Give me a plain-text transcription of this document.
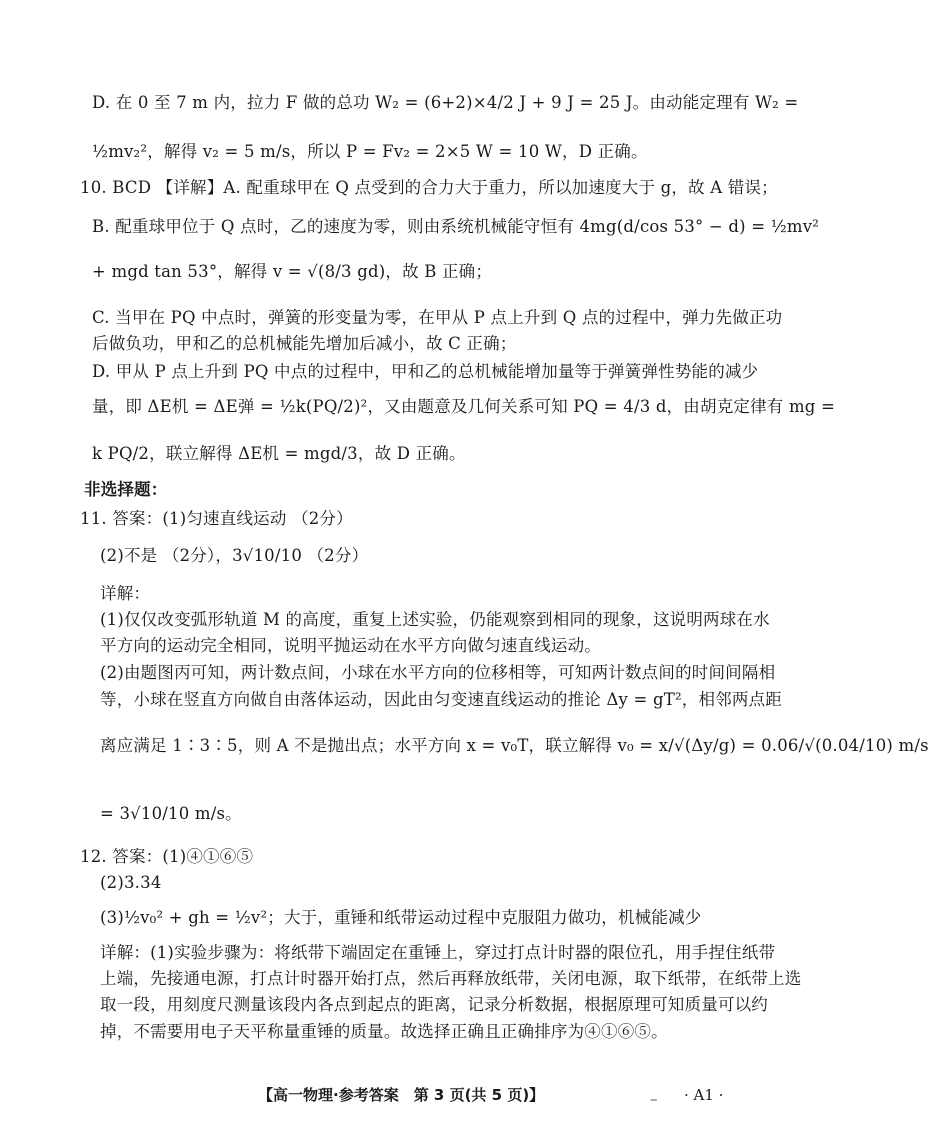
D. 在 0 至 7 m 内，拉力 F 做的总功 W₂ = (6+2)×4/2 J + 9 J = 25 J。由动能定理有 W₂ =
½mv₂²，解得 v₂ = 5 m/s，所以 P = Fv₂ = 2×5 W = 10 W，D 正确。
10. BCD 【详解】A. 配重球甲在 Q 点受到的合力大于重力，所以加速度大于 g，故 A 错误；
B. 配重球甲位于 Q 点时，乙的速度为零，则由系统机械能守恒有 4mg(d/cos 53° − d) = ½mv²
+ mgd tan 53°，解得 v = √(8/3 gd)，故 B 正确；
C. 当甲在 PQ 中点时，弹簧的形变量为零，在甲从 P 点上升到 Q 点的过程中，弹力先做正功
后做负功，甲和乙的总机械能先增加后减小，故 C 正确；
D. 甲从 P 点上升到 PQ 中点的过程中，甲和乙的总机械能增加量等于弹簧弹性势能的减少
量，即 ΔE机 = ΔE弹 = ½k(PQ/2)²，又由题意及几何关系可知 PQ = 4/3 d，由胡克定律有 mg =
k PQ/2，联立解得 ΔE机 = mgd/3，故 D 正确。
非选择题：
11. 答案：(1)匀速直线运动 （2分）
(2)不是 （2分），3√10/10 （2分）
详解：
(1)仅仅改变弧形轨道 M 的高度，重复上述实验，仍能观察到相同的现象，这说明两球在水
平方向的运动完全相同，说明平抛运动在水平方向做匀速直线运动。
(2)由题图丙可知，两计数点间，小球在水平方向的位移相等，可知两计数点间的时间间隔相
等，小球在竖直方向做自由落体运动，因此由匀变速直线运动的推论 Δy = gT²，相邻两点距
离应满足 1∶3∶5，则 A 不是抛出点；水平方向 x = v₀T，联立解得 v₀ = x/√(Δy/g) = 0.06/√(0.04/10) m/s
= 3√10/10 m/s。
12. 答案：(1)④①⑥⑤
(2)3.34
(3)½v₀² + gh = ½v²；大于，重锤和纸带运动过程中克服阻力做功，机械能减少
详解：(1)实验步骤为：将纸带下端固定在重锤上，穿过打点计时器的限位孔，用手捏住纸带
上端，先接通电源，打点计时器开始打点，然后再释放纸带，关闭电源，取下纸带，在纸带上选
取一段，用刻度尺测量该段内各点到起点的距离，记录分析数据，根据原理可知质量可以约
掉，不需要用电子天平称量重锤的质量。故选择正确且正确排序为④①⑥⑤。
【高一物理·参考答案　第 3 页(共 5 页)】	– · A1 ·
